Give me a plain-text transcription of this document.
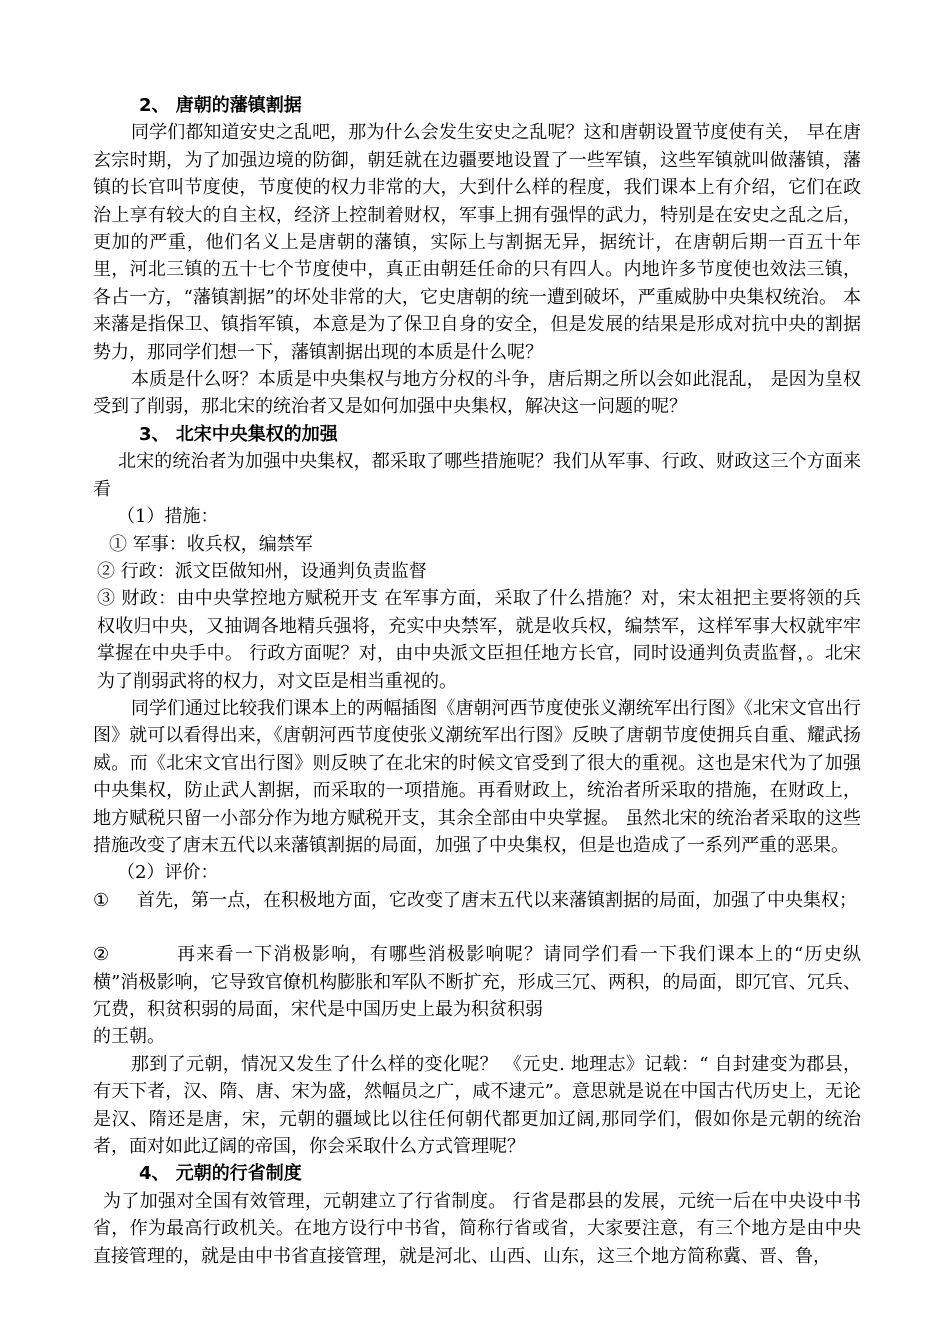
2、 唐朝的藩镇割据

同学们都知道安史之乱吧，那为什么会发生安史之乱呢？这和唐朝设置节度使有关， 早在唐玄宗时期，为了加强边境的防御，朝廷就在边疆要地设置了一些军镇，这些军镇就叫做藩镇，藩镇的长官叫节度使，节度使的权力非常的大，大到什么样的程度，我们课本上有介绍，它们在政治上享有较大的自主权，经济上控制着财权，军事上拥有强悍的武力，特别是在安史之乱之后，更加的严重，他们名义上是唐朝的藩镇，实际上与割据无异，据统计，在唐朝后期一百五十年里，河北三镇的五十七个节度使中，真正由朝廷任命的只有四人。内地许多节度使也效法三镇，各占一方，“藩镇割据”的坏处非常的大，它史唐朝的统一遭到破坏，严重威胁中央集权统治。 本来藩是指保卫、镇指军镇，本意是为了保卫自身的安全，但是发展的结果是形成对抗中央的割据势力，那同学们想一下，藩镇割据出现的本质是什么呢？

本质是什么呀？本质是中央集权与地方分权的斗争，唐后期之所以会如此混乱， 是因为皇权受到了削弱，那北宋的统治者又是如何加强中央集权，解决这一问题的呢？

3、 北宋中央集权的加强

北宋的统治者为加强中央集权，都采取了哪些措施呢？我们从军事、行政、财政这三个方面来看

（1）措施：

① 军事：收兵权，编禁军

② 行政：派文臣做知州，设通判负责监督

③ 财政：由中央掌控地方赋税开支 在军事方面，采取了什么措施？对，宋太祖把主要将领的兵权收归中央，又抽调各地精兵强将，充实中央禁军，就是收兵权，编禁军，这样军事大权就牢牢掌握在中央手中。 行政方面呢？对，由中央派文臣担任地方长官，同时设通判负责监督，。北宋为了削弱武将的权力，对文臣是相当重视的。

同学们通过比较我们课本上的两幅插图《唐朝河西节度使张义潮统军出行图》《北宋文官出行图》就可以看得出来，《唐朝河西节度使张义潮统军出行图》反映了唐朝节度使拥兵自重、耀武扬威。而《北宋文官出行图》则反映了在北宋的时候文官受到了很大的重视。这也是宋代为了加强中央集权，防止武人割据，而采取的一项措施。再看财政上，统治者所采取的措施，在财政上，地方赋税只留一小部分作为地方赋税开支，其余全部由中央掌握。 虽然北宋的统治者采取的这些措施改变了唐末五代以来藩镇割据的局面，加强了中央集权，但是也造成了一系列严重的恶果。

（2）评价：

①	首先，第一点，在积极地方面，它改变了唐末五代以来藩镇割据的局面，加强了中央集权；
②	再来看一下消极影响，有哪些消极影响呢？请同学们看一下我们课本上的“历史纵横”消极影响，它导致官僚机构膨胀和军队不断扩充，形成三冗、两积，的局面，即冗官、冗兵、冗费，积贫积弱的局面，宋代是中国历史上最为积贫积弱

的王朝。

那到了元朝，情况又发生了什么样的变化呢？ 《元史. 地理志》记载：“ 自封建变为郡县，有天下者，汉、隋、唐、宋为盛，然幅员之广，咸不逮元”。意思就是说在中国古代历史上，无论是汉、隋还是唐，宋，元朝的疆域比以往任何朝代都更加辽阔,那同学们，假如你是元朝的统治者，面对如此辽阔的帝国，你会采取什么方式管理呢？

4、 元朝的行省制度

为了加强对全国有效管理，元朝建立了行省制度。 行省是郡县的发展，元统一后在中央设中书省，作为最高行政机关。在地方设行中书省，简称行省或省，大家要注意，有三个地方是由中央直接管理的，就是由中书省直接管理，就是河北、山西、山东，这三个地方简称冀、晋、鲁，
